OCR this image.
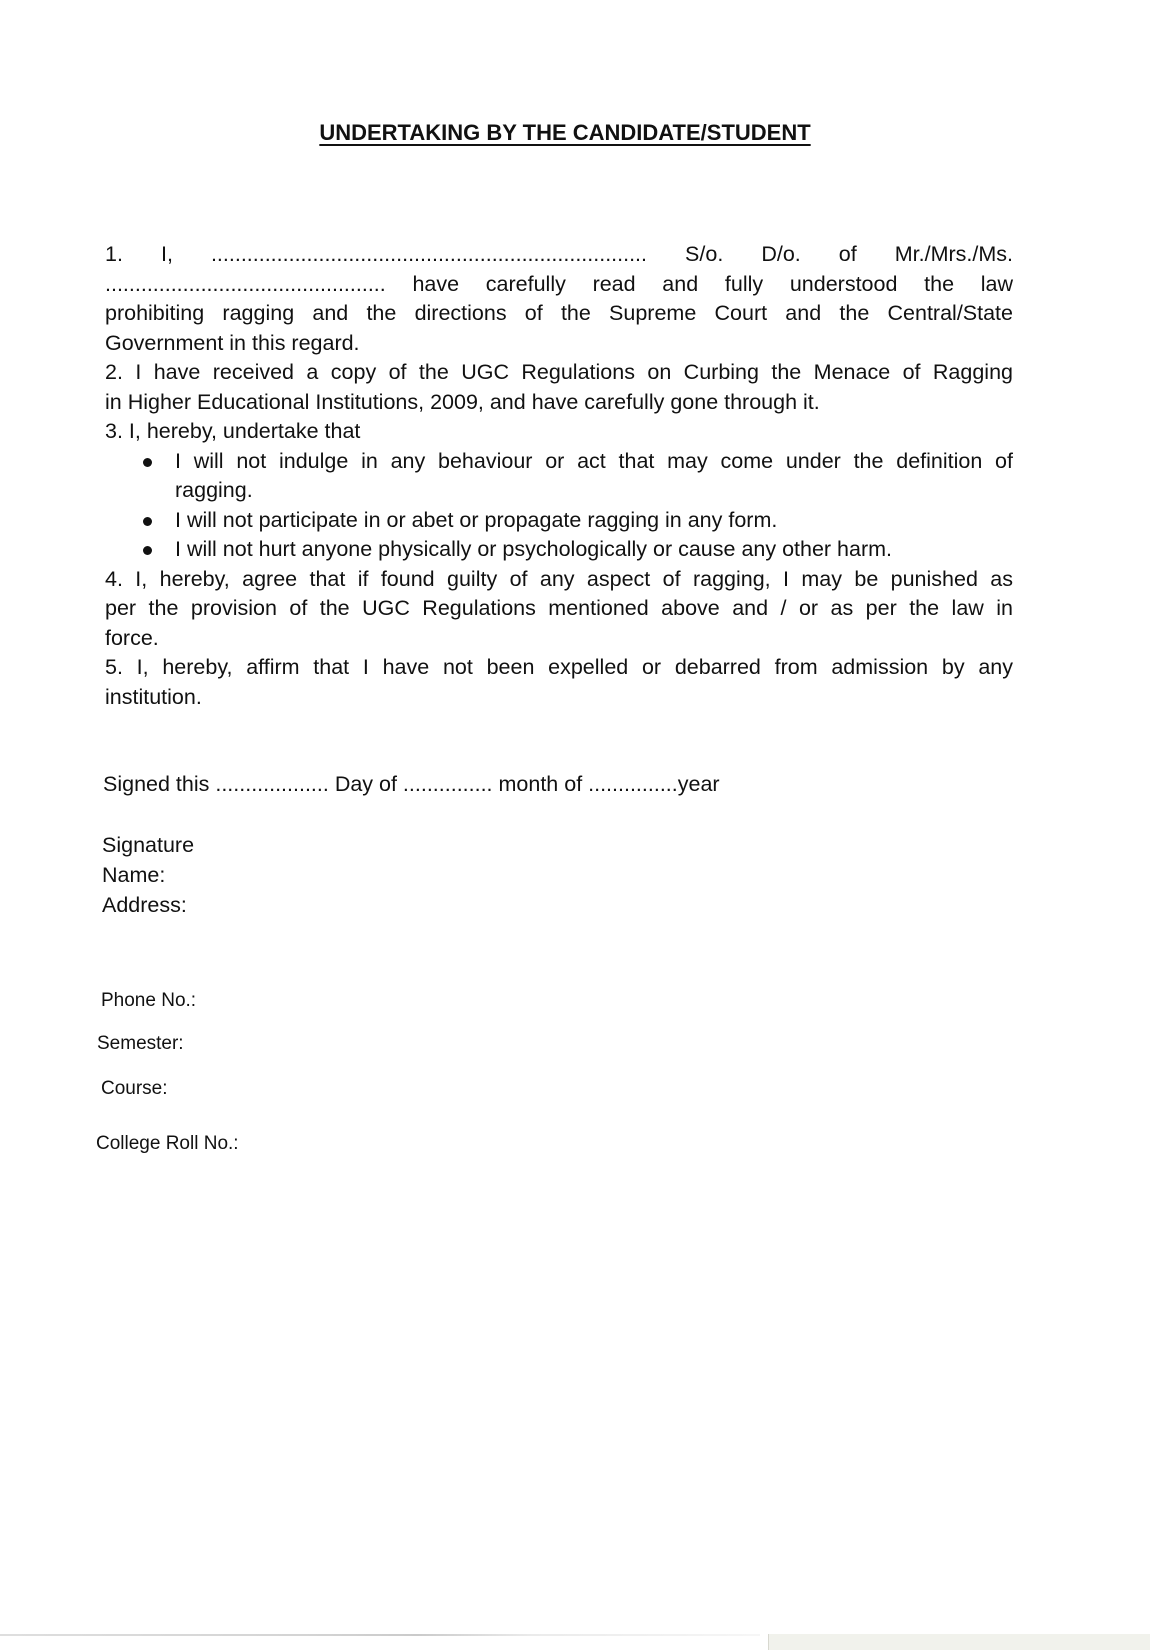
UNDERTAKING BY THE CANDIDATE/STUDENT
1. I, ......................................................................... S/o. D/o. of Mr./Mrs./Ms.
............................................... have carefully read and fully understood the law
prohibiting ragging and the directions of the Supreme Court and the Central/State
Government in this regard.
2. I have received a copy of the UGC Regulations on Curbing the Menace of Ragging
in Higher Educational Institutions, 2009, and have carefully gone through it.
3. I, hereby, undertake that
I will not indulge in any behaviour or act that may come under the definition of
ragging.
I will not participate in or abet or propagate ragging in any form.
I will not hurt anyone physically or psychologically or cause any other harm.
4. I, hereby, agree that if found guilty of any aspect of ragging, I may be punished as
per the provision of the UGC Regulations mentioned above and / or as per the law in
force.
5. I, hereby, affirm that I have not been expelled or debarred from admission by any
institution.
Signed this ................... Day of ............... month of ...............year
Signature
Name:
Address:
Phone No.:
Semester:
Course:
College Roll No.:
